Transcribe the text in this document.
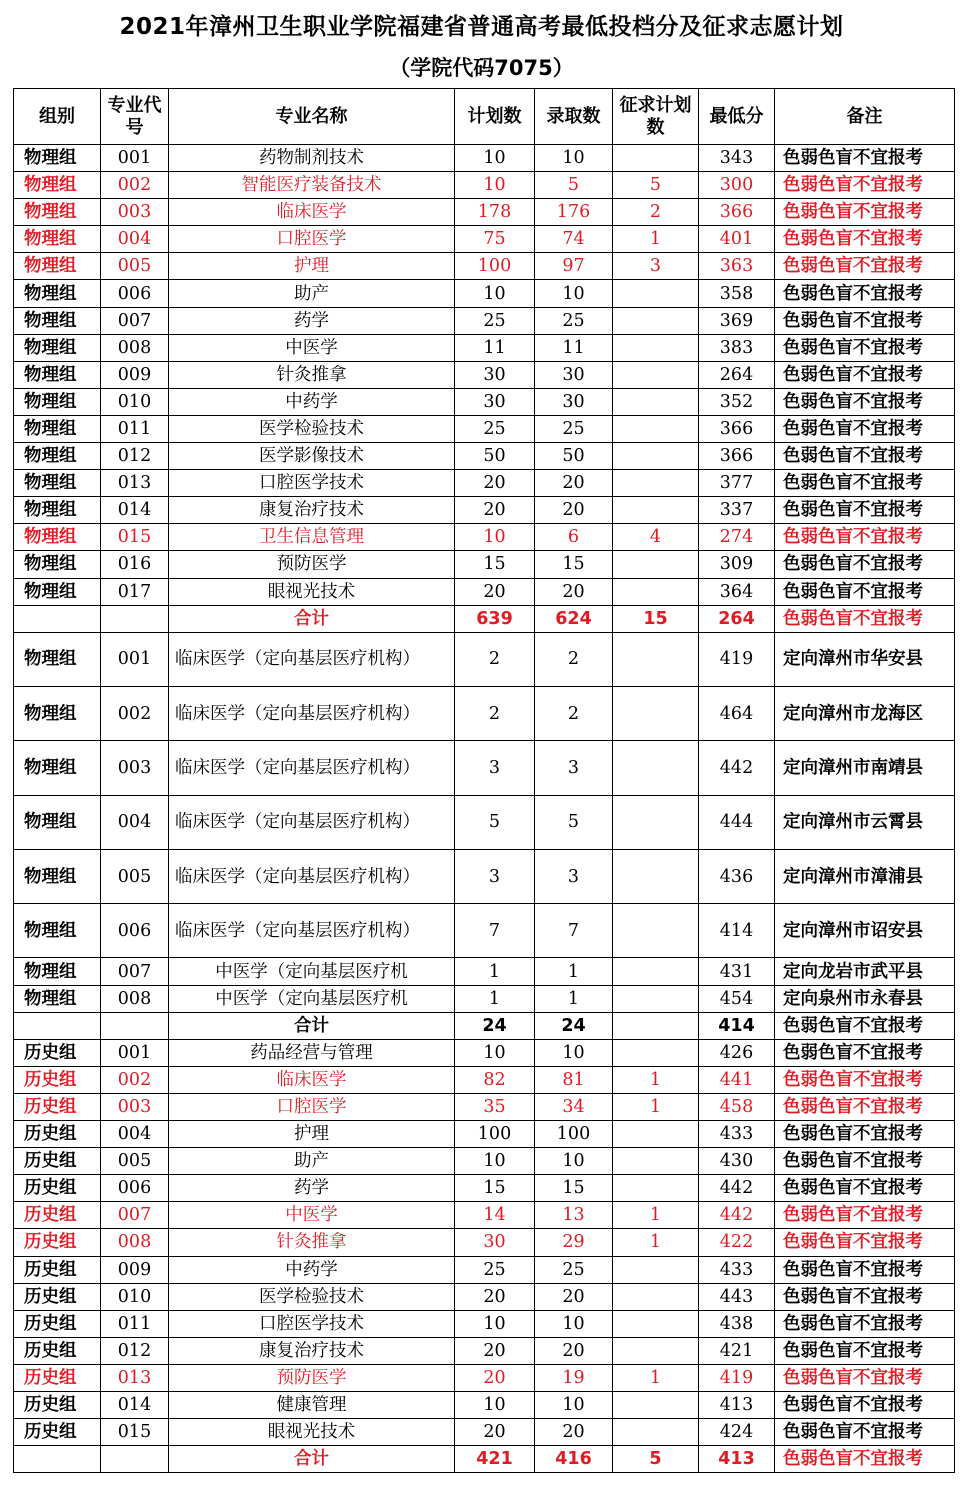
2021年漳州卫生职业学院福建省普通高考最低投档分及征求志愿计划
（学院代码7075）
组别	专业代号	专业名称	计划数	录取数	征求计划数	最低分	备注
物理组	001	药物制剂技术	10	10		343	色弱色盲不宜报考
物理组	002	智能医疗装备技术	10	5	5	300	色弱色盲不宜报考
物理组	003	临床医学	178	176	2	366	色弱色盲不宜报考
物理组	004	口腔医学	75	74	1	401	色弱色盲不宜报考
物理组	005	护理	100	97	3	363	色弱色盲不宜报考
物理组	006	助产	10	10		358	色弱色盲不宜报考
物理组	007	药学	25	25		369	色弱色盲不宜报考
物理组	008	中医学	11	11		383	色弱色盲不宜报考
物理组	009	针灸推拿	30	30		264	色弱色盲不宜报考
物理组	010	中药学	30	30		352	色弱色盲不宜报考
物理组	011	医学检验技术	25	25		366	色弱色盲不宜报考
物理组	012	医学影像技术	50	50		366	色弱色盲不宜报考
物理组	013	口腔医学技术	20	20		377	色弱色盲不宜报考
物理组	014	康复治疗技术	20	20		337	色弱色盲不宜报考
物理组	015	卫生信息管理	10	6	4	274	色弱色盲不宜报考
物理组	016	预防医学	15	15		309	色弱色盲不宜报考
物理组	017	眼视光技术	20	20		364	色弱色盲不宜报考
		合计	639	624	15	264	色弱色盲不宜报考
物理组	001	临床医学（定向基层医疗机构）	2	2		419	定向漳州市华安县
物理组	002	临床医学（定向基层医疗机构）	2	2		464	定向漳州市龙海区
物理组	003	临床医学（定向基层医疗机构）	3	3		442	定向漳州市南靖县
物理组	004	临床医学（定向基层医疗机构）	5	5		444	定向漳州市云霄县
物理组	005	临床医学（定向基层医疗机构）	3	3		436	定向漳州市漳浦县
物理组	006	临床医学（定向基层医疗机构）	7	7		414	定向漳州市诏安县
物理组	007	中医学（定向基层医疗机	1	1		431	定向龙岩市武平县
物理组	008	中医学（定向基层医疗机	1	1		454	定向泉州市永春县
		合计	24	24		414	色弱色盲不宜报考
历史组	001	药品经营与管理	10	10		426	色弱色盲不宜报考
历史组	002	临床医学	82	81	1	441	色弱色盲不宜报考
历史组	003	口腔医学	35	34	1	458	色弱色盲不宜报考
历史组	004	护理	100	100		433	色弱色盲不宜报考
历史组	005	助产	10	10		430	色弱色盲不宜报考
历史组	006	药学	15	15		442	色弱色盲不宜报考
历史组	007	中医学	14	13	1	442	色弱色盲不宜报考
历史组	008	针灸推拿	30	29	1	422	色弱色盲不宜报考
历史组	009	中药学	25	25		433	色弱色盲不宜报考
历史组	010	医学检验技术	20	20		443	色弱色盲不宜报考
历史组	011	口腔医学技术	10	10		438	色弱色盲不宜报考
历史组	012	康复治疗技术	20	20		421	色弱色盲不宜报考
历史组	013	预防医学	20	19	1	419	色弱色盲不宜报考
历史组	014	健康管理	10	10		413	色弱色盲不宜报考
历史组	015	眼视光技术	20	20		424	色弱色盲不宜报考
		合计	421	416	5	413	色弱色盲不宜报考
